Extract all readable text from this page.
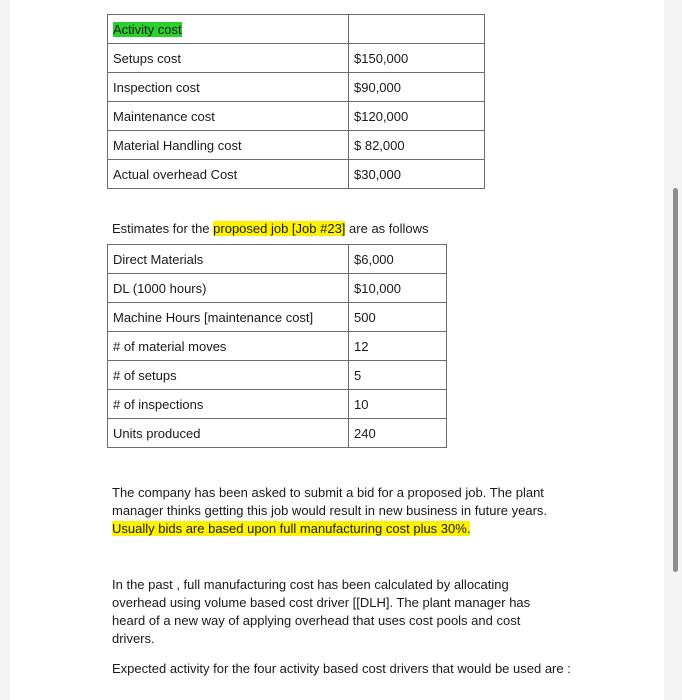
Activity cost	
Setups cost	$150,000
Inspection cost	$90,000
Maintenance cost	$120,000
Material Handling cost	$ 82,000
Actual overhead Cost	$30,000
Estimates for the proposed job [Job #23] are as follows
Direct Materials	$6,000
DL (1000 hours)	$10,000
Machine Hours [maintenance cost]	500
# of material moves	12
# of setups	5
# of inspections	10
Units produced	240
The company has been asked to submit a bid for a proposed job. The plant manager thinks getting this job would result in new business in future years. Usually bids are based upon full manufacturing cost plus 30%.
In the past , full manufacturing cost has been calculated by allocating overhead using volume based cost driver [[DLH]. The plant manager has heard of a new way of applying overhead that uses cost pools and cost drivers.
Expected activity for the four activity based cost drivers that would be used are :
